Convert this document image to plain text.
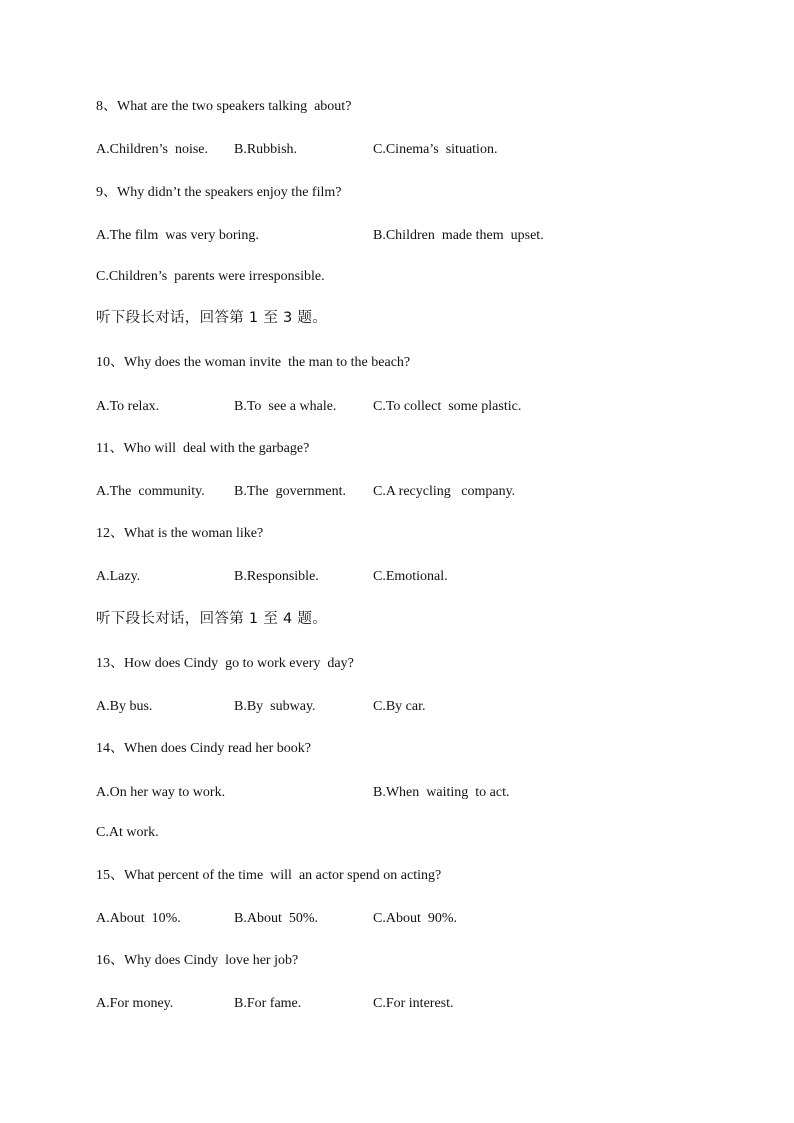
8、What are the two speakers talking  about?
A.Children’s  noise. B.Rubbish.	C.Cinema’s  situation.
9、Why didn’t the speakers enjoy the film?
A.The film  was very boring.	B.Children  made them  upset.
C.Children’s  parents were irresponsible.
听下段长对话，回答第 1 至 3 题。
10、Why does the woman invite  the man to the beach?
A.To relax.	B.To  see a whale.	C.To collect  some plastic.
11、Who will  deal with the garbage?
A.The  community. B.The  government. C.A recycling   company.
12、What is the woman like?
A.Lazy.	B.Responsible.	C.Emotional.
听下段长对话，回答第 1 至 4 题。
13、How does Cindy  go to work every  day?
A.By bus.	B.By  subway.	C.By car.
14、When does Cindy read her book?
A.On her way to work.	B.When  waiting  to act.
C.At work.
15、What percent of the time  will  an actor spend on acting?
A.About  10%.	B.About  50%.	C.About  90%.
16、Why does Cindy  love her job?
A.For money.	B.For fame.	C.For interest.
